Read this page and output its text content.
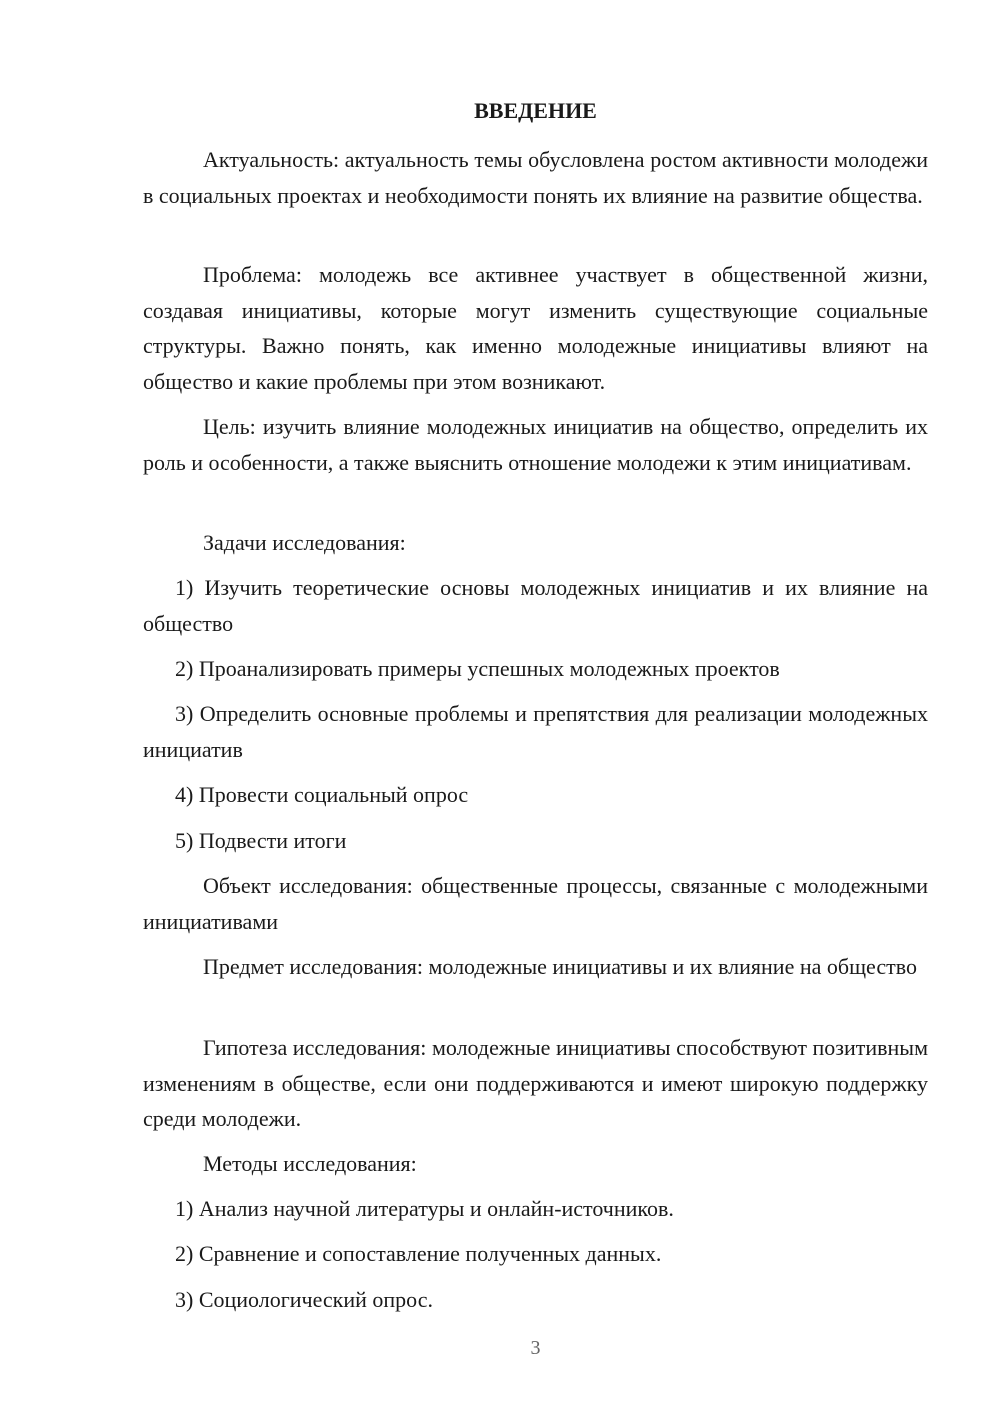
ВВЕДЕНИЕ

Актуальность: актуальность темы обусловлена ростом активности молодежи в социальных проектах и необходимости понять их влияние на развитие общества.

Проблема: молодежь все активнее участвует в общественной жизни, создавая инициативы, которые могут изменить существующие социальные структуры. Важно понять, как именно молодежные инициативы влияют на общество и какие проблемы при этом возникают.

Цель: изучить влияние молодежных инициатив на общество, определить их роль и особенности, а также выяснить отношение молодежи к этим инициативам.

Задачи исследования:

1) Изучить теоретические основы молодежных инициатив и их влияние на общество

2) Проанализировать примеры успешных молодежных проектов

3) Определить основные проблемы и препятствия для реализации молодежных инициатив

4) Провести социальный опрос

5) Подвести итоги

Объект исследования: общественные процессы, связанные с молодежными инициативами

Предмет исследования: молодежные инициативы и их влияние на общество

Гипотеза исследования: молодежные инициативы способствуют позитивным изменениям в обществе, если они поддерживаются и имеют широкую поддержку среди молодежи.

Методы исследования:

1) Анализ научной литературы и онлайн-источников.

2) Сравнение и сопоставление полученных данных.

3) Социологический опрос.

3
